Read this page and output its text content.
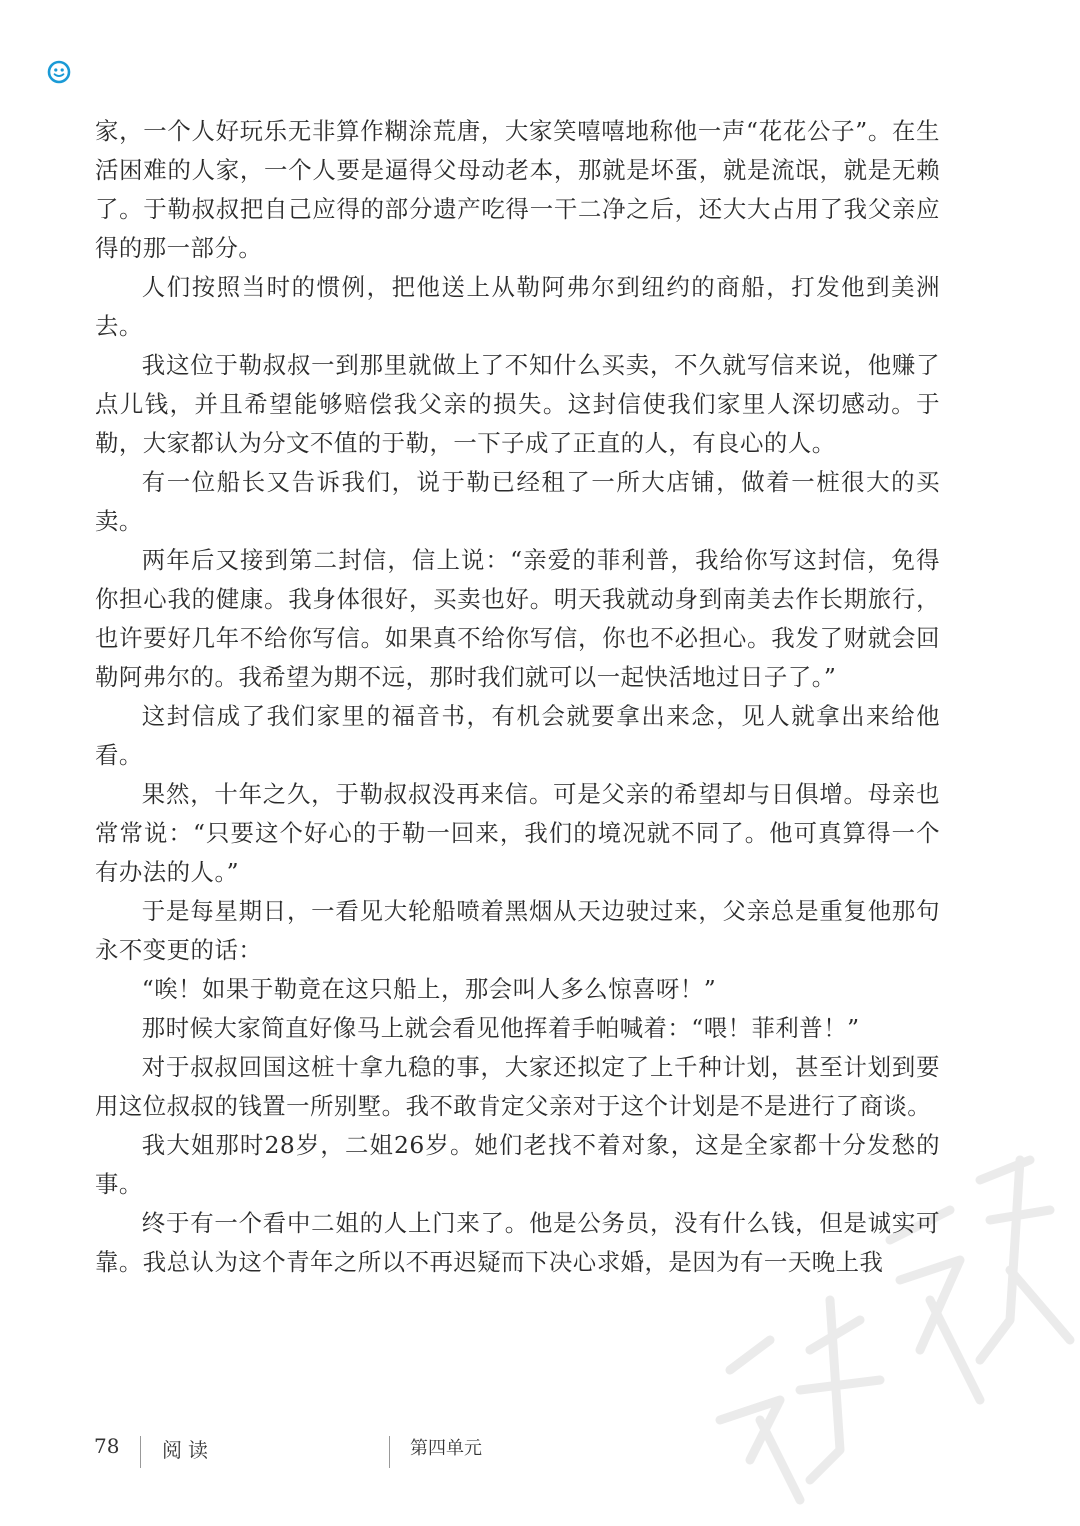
家，一个人好玩乐无非算作糊涂荒唐，大家笑嘻嘻地称他一声“花花公子”。在生活困难的人家，一个人要是逼得父母动老本，那就是坏蛋，就是流氓，就是无赖了。于勒叔叔把自己应得的部分遗产吃得一干二净之后，还大大占用了我父亲应得的那一部分。

人们按照当时的惯例，把他送上从勒阿弗尔到纽约的商船，打发他到美洲去。

我这位于勒叔叔一到那里就做上了不知什么买卖，不久就写信来说，他赚了点儿钱，并且希望能够赔偿我父亲的损失。这封信使我们家里人深切感动。于勒，大家都认为分文不值的于勒，一下子成了正直的人，有良心的人。

有一位船长又告诉我们，说于勒已经租了一所大店铺，做着一桩很大的买卖。

两年后又接到第二封信，信上说：“亲爱的菲利普，我给你写这封信，免得你担心我的健康。我身体很好，买卖也好。明天我就动身到南美去作长期旅行，也许要好几年不给你写信。如果真不给你写信，你也不必担心。我发了财就会回勒阿弗尔的。我希望为期不远，那时我们就可以一起快活地过日子了。”

这封信成了我们家里的福音书，有机会就要拿出来念，见人就拿出来给他看。

果然，十年之久，于勒叔叔没再来信。可是父亲的希望却与日俱增。母亲也常常说：“只要这个好心的于勒一回来，我们的境况就不同了。他可真算得一个有办法的人。”

于是每星期日，一看见大轮船喷着黑烟从天边驶过来，父亲总是重复他那句永不变更的话：

“唉！如果于勒竟在这只船上，那会叫人多么惊喜呀！”

那时候大家简直好像马上就会看见他挥着手帕喊着：“喂！菲利普！”

对于叔叔回国这桩十拿九稳的事，大家还拟定了上千种计划，甚至计划到要用这位叔叔的钱置一所别墅。我不敢肯定父亲对于这个计划是不是进行了商谈。

我大姐那时28岁，二姐26岁。她们老找不着对象，这是全家都十分发愁的事。

终于有一个看中二姐的人上门来了。他是公务员，没有什么钱，但是诚实可靠。我总认为这个青年之所以不再迟疑而下决心求婚，是因为有一天晚上我

78 阅读	第四单元
